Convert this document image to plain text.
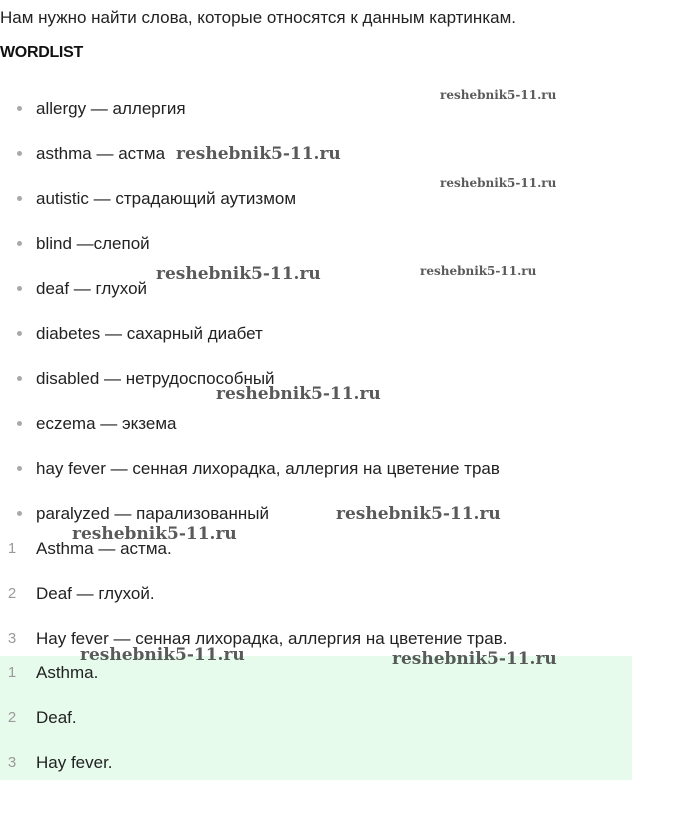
Нам нужно найти слова, которые относятся к данным картинкам.
WORDLIST
allergy — аллергия
asthma — астма
autistic — страдающий аутизмом
blind —слепой
deaf — глухой
diabetes — сахарный диабет
disabled — нетрудоспособный
eczema — экзема
hay fever — сенная лихорадка, аллергия на цветение трав
paralyzed — парализованный
1	Asthma — астма.
2	Deaf — глухой.
3	Hay fever — сенная лихорадка, аллергия на цветение трав.
1	Asthma.
2	Deaf.
3	Hay fever.
reshebnik5-11.ru
reshebnik5-11.ru
reshebnik5-11.ru
reshebnik5-11.ru	reshebnik5-11.ru
reshebnik5-11.ru
reshebnik5-11.ru
reshebnik5-11.ru
reshebnik5-11.ru	reshebnik5-11.ru
